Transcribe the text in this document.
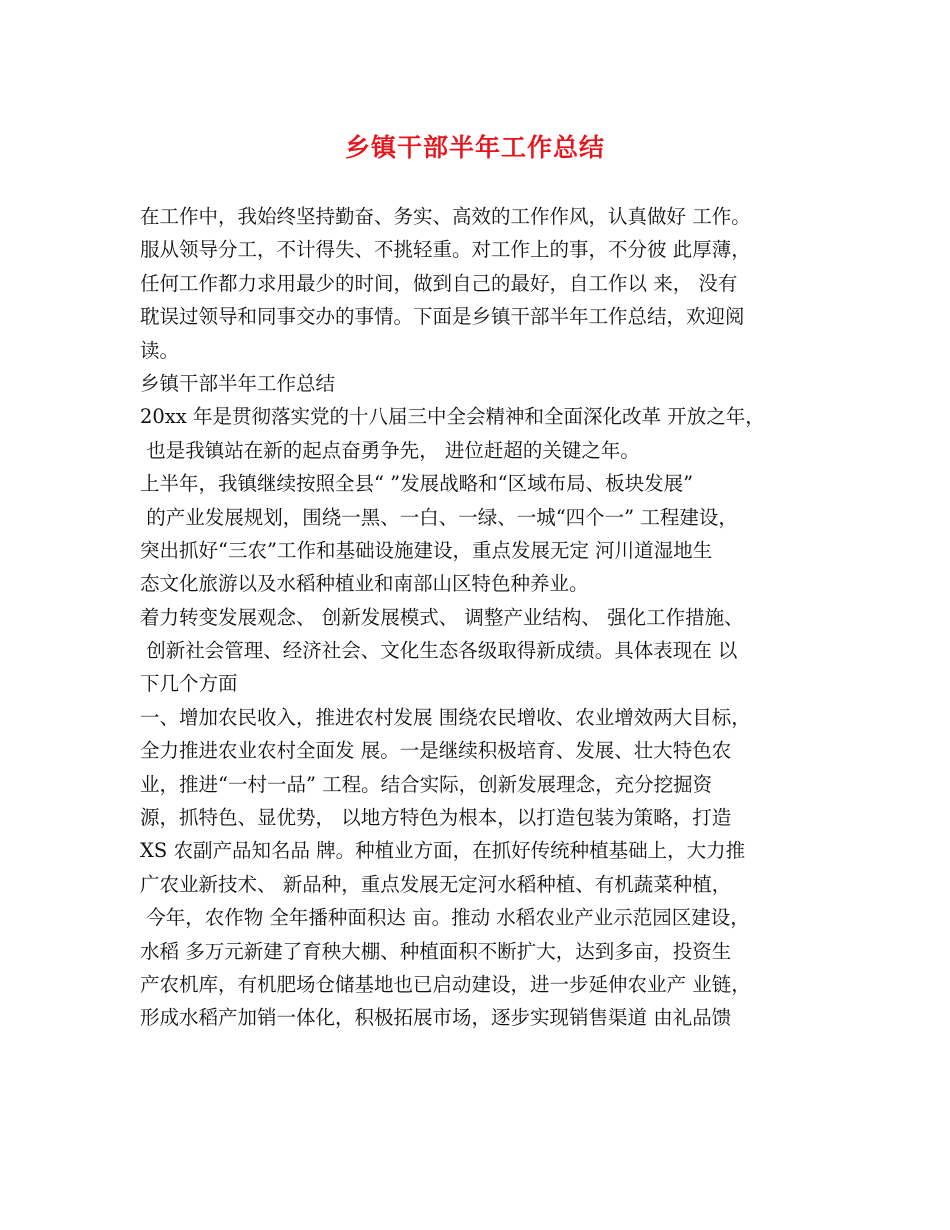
乡镇干部半年工作总结
在工作中，我始终坚持勤奋、务实、高效的工作作风，认真做好 工作。
服从领导分工，不计得失、不挑轻重。对工作上的事，不分彼 此厚薄，
任何工作都力求用最少的时间，做到自己的最好，自工作以 来， 没有
耽误过领导和同事交办的事情。下面是乡镇干部半年工作总结，欢迎阅
读。
乡镇干部半年工作总结
20xx 年是贯彻落实党的十八届三中全会精神和全面深化改革 开放之年，
也是我镇站在新的起点奋勇争先， 进位赶超的关键之年。
上半年，我镇继续按照全县“ ”发展战略和“区域布局、板块发展”
的产业发展规划，围绕一黑、一白、一绿、一城“四个一” 工程建设，
突出抓好“三农”工作和基础设施建设，重点发展无定 河川道湿地生
态文化旅游以及水稻种植业和南部山区特色种养业。
着力转变发展观念、 创新发展模式、 调整产业结构、 强化工作措施、
创新社会管理、经济社会、文化生态各级取得新成绩。具体表现在 以
下几个方面
一、增加农民收入，推进农村发展 围绕农民增收、农业增效两大目标，
全力推进农业农村全面发 展。一是继续积极培育、发展、壮大特色农
业，推进“一村一品” 工程。结合实际，创新发展理念，充分挖掘资
源，抓特色、显优势， 以地方特色为根本，以打造包装为策略，打造
XS 农副产品知名品 牌。种植业方面，在抓好传统种植基础上，大力推
广农业新技术、 新品种，重点发展无定河水稻种植、有机蔬菜种植，
今年，农作物 全年播种面积达 亩。推动 水稻农业产业示范园区建设，
水稻 多万元新建了育秧大棚、种植面积不断扩大，达到多亩，投资生
产农机库，有机肥场仓储基地也已启动建设，进一步延伸农业产 业链，
形成水稻产加销一体化，积极拓展市场，逐步实现销售渠道 由礼品馈
